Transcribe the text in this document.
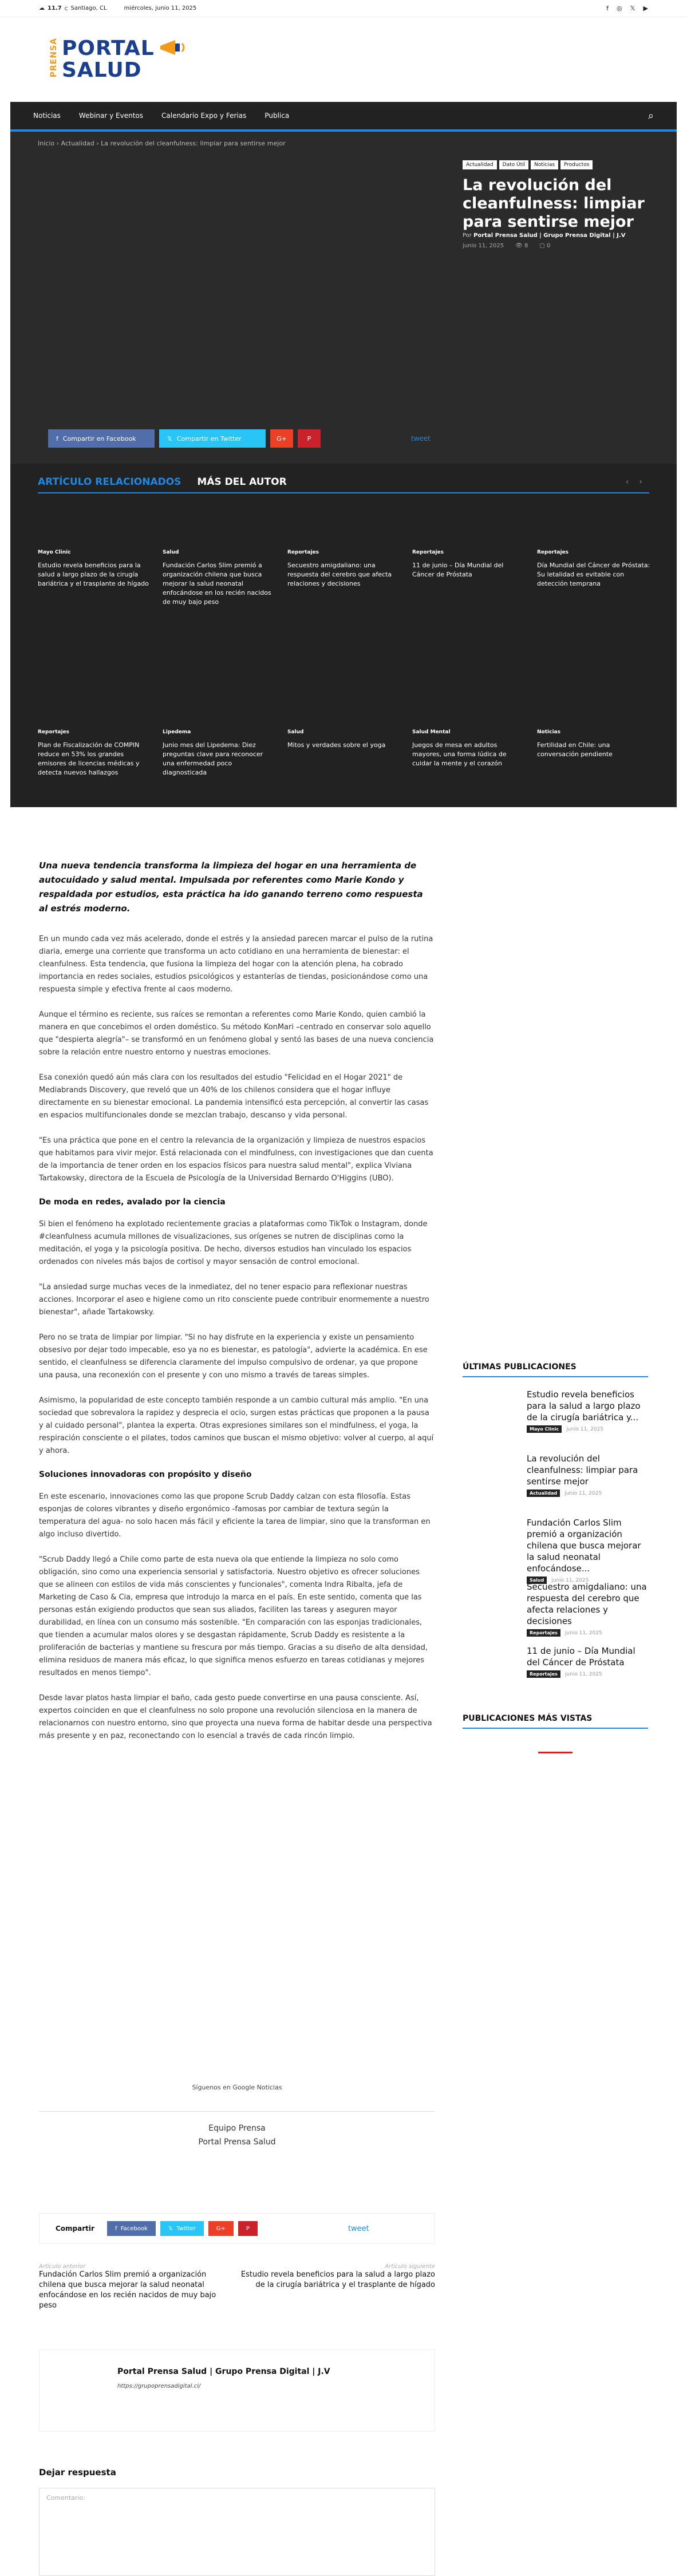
☁ 11.7 C Santiago, CL	miércoles, junio 11, 2025	f ◎ 𝕏 ▶
PRENSA PORTAL
SALUD
Noticias	Webinar y Eventos	Calendario Expo y Ferias	Publica	⌕
Inicio › Actualidad › La revolución del cleanfulness: limpiar para sentirse mejor
Actualidad	Dato Útil	Noticias	Productos
La revolución del cleanfulness: limpiar para sentirse mejor
Por Portal Prensa Salud | Grupo Prensa Digital | J.V
junio 11, 2025 👁 8 ▢ 0
f Compartir en Facebook	𝕏 Compartir en Twitter	G+	P	tweet
ARTÍCULO RELACIONADOS MÁS DEL AUTOR	‹ ›
Mayo Clinic
Estudio revela beneficios para la salud a largo plazo de la cirugía bariátrica y el trasplante de hígado
Salud
Fundación Carlos Slim premió a organización chilena que busca mejorar la salud neonatal enfocándose en los recién nacidos de muy bajo peso
Reportajes
Secuestro amigdaliano: una respuesta del cerebro que afecta relaciones y decisiones
Reportajes
11 de junio – Día Mundial del Cáncer de Próstata
Reportajes
Día Mundial del Cáncer de Próstata: Su letalidad es evitable con detección temprana
Reportajes
Plan de Fiscalización de COMPIN reduce en 53% los grandes emisores de licencias médicas y detecta nuevos hallazgos
Lipedema
Junio mes del Lipedema: Diez preguntas clave para reconocer una enfermedad poco diagnosticada
Salud
Mitos y verdades sobre el yoga
Salud Mental
Juegos de mesa en adultos mayores, una forma lúdica de cuidar la mente y el corazón
Noticias
Fertilidad en Chile: una conversación pendiente

Una nueva tendencia transforma la limpieza del hogar en una herramienta de autocuidado y salud mental. Impulsada por referentes como Marie Kondo y respaldada por estudios, esta práctica ha ido ganando terreno como respuesta al estrés moderno.

En un mundo cada vez más acelerado, donde el estrés y la ansiedad parecen marcar el pulso de la rutina diaria, emerge una corriente que transforma un acto cotidiano en una herramienta de bienestar: el cleanfulness. Esta tendencia, que fusiona la limpieza del hogar con la atención plena, ha cobrado importancia en redes sociales, estudios psicológicos y estanterías de tiendas, posicionándose como una respuesta simple y efectiva frente al caos moderno.

Aunque el término es reciente, sus raíces se remontan a referentes como Marie Kondo, quien cambió la manera en que concebimos el orden doméstico. Su método KonMari –centrado en conservar solo aquello que "despierta alegría"– se transformó en un fenómeno global y sentó las bases de una nueva conciencia sobre la relación entre nuestro entorno y nuestras emociones.

Esa conexión quedó aún más clara con los resultados del estudio "Felicidad en el Hogar 2021" de Mediabrands Discovery, que reveló que un 40% de los chilenos considera que el hogar influye directamente en su bienestar emocional. La pandemia intensificó esta percepción, al convertir las casas en espacios multifuncionales donde se mezclan trabajo, descanso y vida personal.

"Es una práctica que pone en el centro la relevancia de la organización y limpieza de nuestros espacios que habitamos para vivir mejor. Está relacionada con el mindfulness, con investigaciones que dan cuenta de la importancia de tener orden en los espacios físicos para nuestra salud mental", explica Viviana Tartakowsky, directora de la Escuela de Psicología de la Universidad Bernardo O'Higgins (UBO).

De moda en redes, avalado por la ciencia

Si bien el fenómeno ha explotado recientemente gracias a plataformas como TikTok o Instagram, donde #cleanfulness acumula millones de visualizaciones, sus orígenes se nutren de disciplinas como la meditación, el yoga y la psicología positiva. De hecho, diversos estudios han vinculado los espacios ordenados con niveles más bajos de cortisol y mayor sensación de control emocional.

"La ansiedad surge muchas veces de la inmediatez, del no tener espacio para reflexionar nuestras acciones. Incorporar el aseo e higiene como un rito consciente puede contribuir enormemente a nuestro bienestar", añade Tartakowsky.

Pero no se trata de limpiar por limpiar. "Si no hay disfrute en la experiencia y existe un pensamiento obsesivo por dejar todo impecable, eso ya no es bienestar, es patología", advierte la académica. En ese sentido, el cleanfulness se diferencia claramente del impulso compulsivo de ordenar, ya que propone una pausa, una reconexión con el presente y con uno mismo a través de tareas simples.

Asimismo, la popularidad de este concepto también responde a un cambio cultural más amplio. "En una sociedad que sobrevalora la rapidez y desprecia el ocio, surgen estas prácticas que proponen a la pausa y al cuidado personal", plantea la experta. Otras expresiones similares son el mindfulness, el yoga, la respiración consciente o el pilates, todos caminos que buscan el mismo objetivo: volver al cuerpo, al aquí y ahora.

Soluciones innovadoras con propósito y diseño

En este escenario, innovaciones como las que propone Scrub Daddy calzan con esta filosofía. Estas esponjas de colores vibrantes y diseño ergonómico -famosas por cambiar de textura según la temperatura del agua- no solo hacen más fácil y eficiente la tarea de limpiar, sino que la transforman en algo incluso divertido.

"Scrub Daddy llegó a Chile como parte de esta nueva ola que entiende la limpieza no solo como obligación, sino como una experiencia sensorial y satisfactoria. Nuestro objetivo es ofrecer soluciones que se alineen con estilos de vida más conscientes y funcionales", comenta Indra Ribalta, jefa de Marketing de Caso & Cia, empresa que introdujo la marca en el país. En este sentido, comenta que las personas están exigiendo productos que sean sus aliados, faciliten las tareas y aseguren mayor durabilidad, en línea con un consumo más sostenible. "En comparación con las esponjas tradicionales, que tienden a acumular malos olores y se desgastan rápidamente, Scrub Daddy es resistente a la proliferación de bacterias y mantiene su frescura por más tiempo. Gracias a su diseño de alta densidad, elimina residuos de manera más eficaz, lo que significa menos esfuerzo en tareas cotidianas y mejores resultados en menos tiempo".

Desde lavar platos hasta limpiar el baño, cada gesto puede convertirse en una pausa consciente. Así, expertos coinciden en que el cleanfulness no solo propone una revolución silenciosa en la manera de relacionarnos con nuestro entorno, sino que proyecta una nueva forma de habitar desde una perspectiva más presente y en paz, reconectando con lo esencial a través de cada rincón limpio.

ÚLTIMAS PUBLICACIONES
Estudio revela beneficios para la salud a largo plazo de la cirugía bariátrica y...
Mayo Clinic	junio 11, 2025
La revolución del cleanfulness: limpiar para sentirse mejor
Actualidad	junio 11, 2025
Fundación Carlos Slim premió a organización chilena que busca mejorar la salud neonatal enfocándose...
Salud	junio 11, 2025
Secuestro amigdaliano: una respuesta del cerebro que afecta relaciones y decisiones
Reportajes	junio 11, 2025
11 de junio – Día Mundial del Cáncer de Próstata
Reportajes	junio 11, 2025
PUBLICACIONES MÁS VISTAS
Síguenos en Google Noticias
Equipo Prensa
Portal Prensa Salud
Compartir	f Facebook	𝕏 Twitter	G+	P	tweet
Artículo anterior
Fundación Carlos Slim premió a organización chilena que busca mejorar la salud neonatal enfocándose en los recién nacidos de muy bajo peso
Artículo siguiente
Estudio revela beneficios para la salud a largo plazo de la cirugía bariátrica y el trasplante de hígado
Portal Prensa Salud | Grupo Prensa Digital | J.V
https://grupoprensadigital.cl/
Dejar respuesta
Comentario:
